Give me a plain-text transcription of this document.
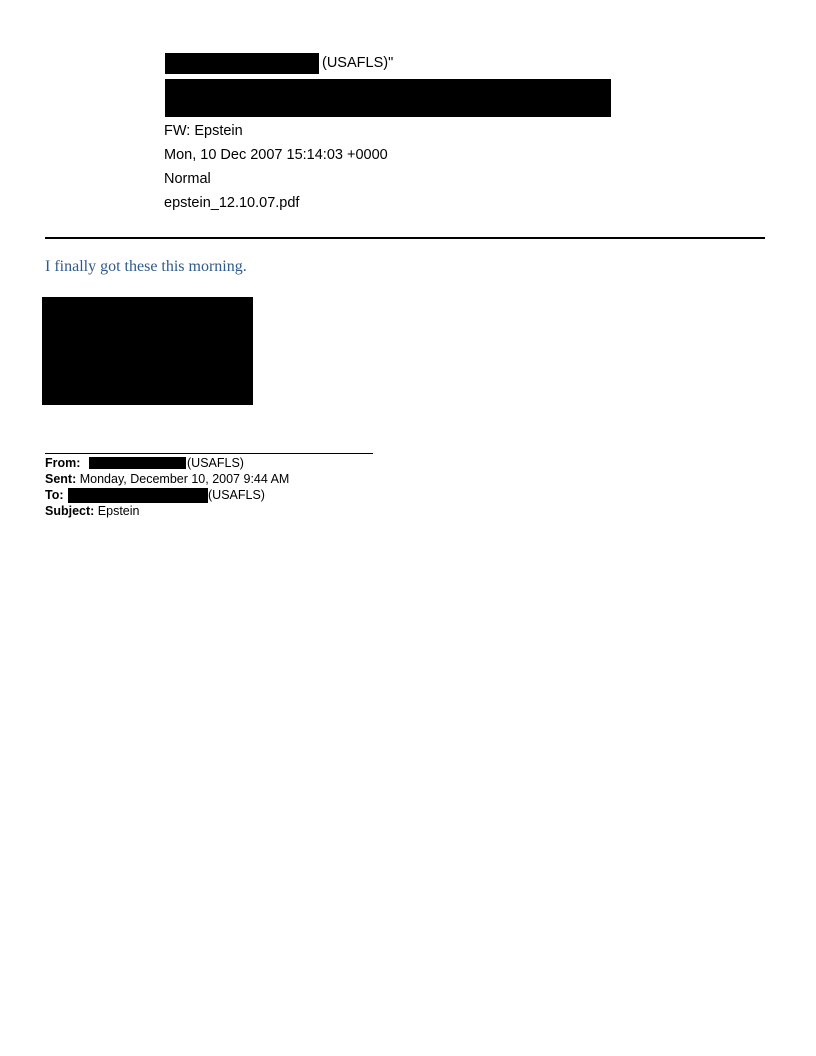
(USAFLS)"
FW: Epstein
Mon, 10 Dec 2007 15:14:03 +0000
Normal
epstein_12.10.07.pdf
I finally got these this morning.
From:	(USAFLS)
Sent: Monday, December 10, 2007 9:44 AM
To:	(USAFLS)
Subject: Epstein
